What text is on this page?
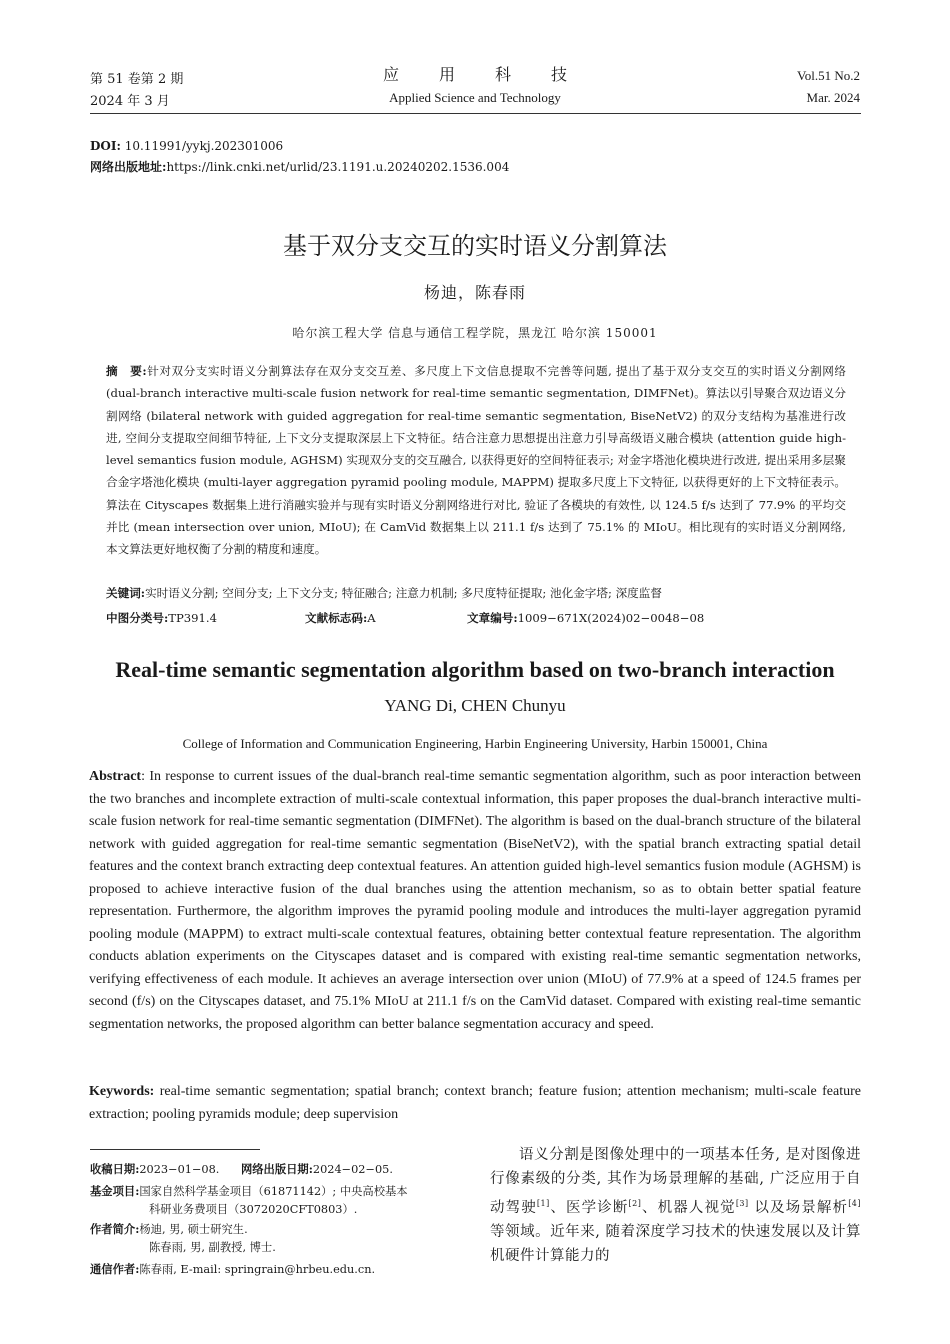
第 51 卷第 2 期
2024 年 3 月
应用科技
Applied Science and Technology
Vol.51 No.2
Mar. 2024
DOI: 10.11991/yykj.202301006
网络出版地址:https://link.cnki.net/urlid/23.1191.u.20240202.1536.004
基于双分支交互的实时语义分割算法
杨迪，陈春雨
哈尔滨工程大学 信息与通信工程学院，黑龙江 哈尔滨 150001
摘　要:针对双分支实时语义分割算法存在双分支交互差、多尺度上下文信息提取不完善等问题, 提出了基于双分支交互的实时语义分割网络 (dual-branch interactive multi-scale fusion network for real-time semantic segmentation, DIMFNet)。算法以引导聚合双边语义分割网络 (bilateral network with guided aggregation for real-time semantic segmentation, BiseNetV2) 的双分支结构为基准进行改进, 空间分支提取空间细节特征, 上下文分支提取深层上下文特征。结合注意力思想提出注意力引导高级语义融合模块 (attention guide high-level semantics fusion module, AGHSM) 实现双分支的交互融合, 以获得更好的空间特征表示; 对金字塔池化模块进行改进, 提出采用多层聚合金字塔池化模块 (multi-layer aggregation pyramid pooling module, MAPPM) 提取多尺度上下文特征, 以获得更好的上下文特征表示。算法在 Cityscapes 数据集上进行消融实验并与现有实时语义分割网络进行对比, 验证了各模块的有效性, 以 124.5 f/s 达到了 77.9% 的平均交并比 (mean intersection over union, MIoU); 在 CamVid 数据集上以 211.1 f/s 达到了 75.1% 的 MIoU。相比现有的实时语义分割网络, 本文算法更好地权衡了分割的精度和速度。
关键词:实时语义分割; 空间分支; 上下文分支; 特征融合; 注意力机制; 多尺度特征提取; 池化金字塔; 深度监督
中图分类号:TP391.4	文献标志码:A	文章编号:1009−671X(2024)02−0048−08
Real-time semantic segmentation algorithm based on two-branch interaction
YANG Di, CHEN Chunyu
College of Information and Communication Engineering, Harbin Engineering University, Harbin 150001, China
Abstract: In response to current issues of the dual-branch real-time semantic segmentation algorithm, such as poor interaction between the two branches and incomplete extraction of multi-scale contextual information, this paper proposes the dual-branch interactive multi-scale fusion network for real-time semantic segmentation (DIMFNet). The algorithm is based on the dual-branch structure of the bilateral network with guided aggregation for real-time semantic segmentation (BiseNetV2), with the spatial branch extracting spatial detail features and the context branch extracting deep contextual features. An attention guided high-level semantics fusion module (AGHSM) is proposed to achieve interactive fusion of the dual branches using the attention mechanism, so as to obtain better spatial feature representation. Furthermore, the algorithm improves the pyramid pooling module and introduces the multi-layer aggregation pyramid pooling module (MAPPM) to extract multi-scale contextual features, obtaining better contextual feature representation. The algorithm conducts ablation experiments on the Cityscapes dataset and is compared with existing real-time semantic segmentation networks, verifying effectiveness of each module. It achieves an average intersection over union (MIoU) of 77.9% at a speed of 124.5 frames per second (f/s) on the Cityscapes dataset, and 75.1% MIoU at 211.1 f/s on the CamVid dataset. Compared with existing real-time semantic segmentation networks, the proposed algorithm can better balance segmentation accuracy and speed.
Keywords: real-time semantic segmentation; spatial branch; context branch; feature fusion; attention mechanism; multi-scale feature extraction; pooling pyramids module; deep supervision
收稿日期:2023−01−08. 网络出版日期:2024−02−05.
基金项目:国家自然科学基金项目（61871142）; 中央高校基本
科研业务费项目（3072020CFT0803）.
作者简介:杨迪, 男, 硕士研究生.
陈春雨, 男, 副教授, 博士.
通信作者:陈春雨, E-mail: springrain@hrbeu.edu.cn.
语义分割是图像处理中的一项基本任务, 是对图像进行像素级的分类, 其作为场景理解的基础, 广泛应用于自动驾驶[1]、医学诊断[2]、机器人视觉[3] 以及场景解析[4] 等领域。近年来, 随着深度学习技术的快速发展以及计算机硬件计算能力的
